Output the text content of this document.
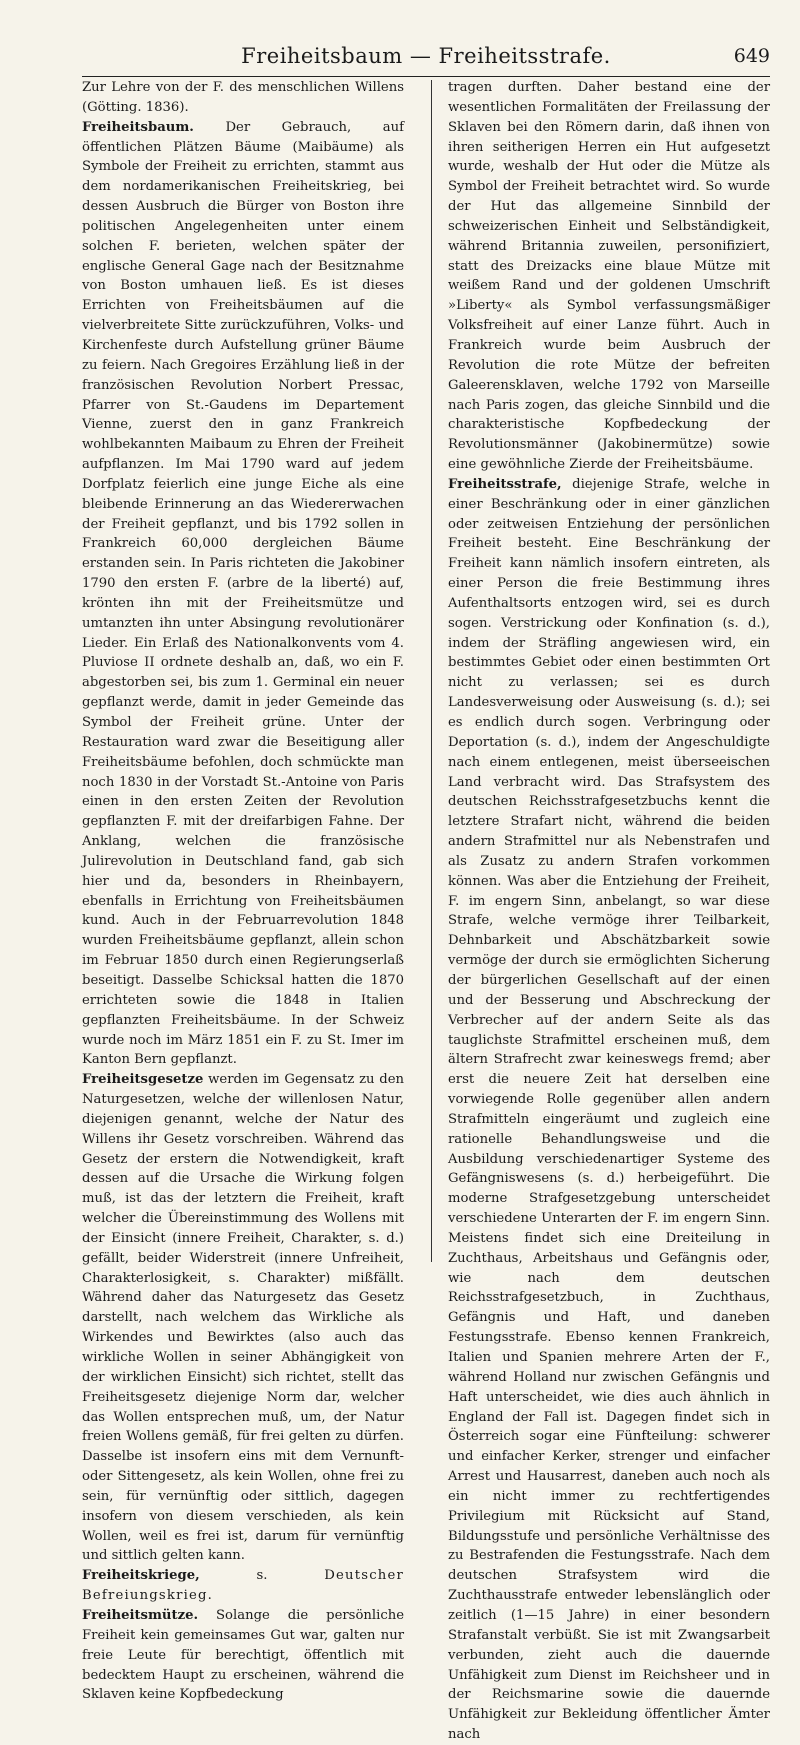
Freiheitsbaum — Freiheitsstrafe.	649

Zur Lehre von der F. des menschlichen Willens (Götting. 1836).

Freiheitsbaum. Der Gebrauch, auf öffentlichen Plätzen Bäume (Maibäume) als Symbole der Freiheit zu errichten, stammt aus dem nordamerikanischen Freiheitskrieg, bei dessen Ausbruch die Bürger von Boston ihre politischen Angelegenheiten unter einem solchen F. berieten, welchen später der englische General Gage nach der Besitznahme von Boston umhauen ließ. Es ist dieses Errichten von Freiheitsbäumen auf die vielverbreitete Sitte zurückzuführen, Volks- und Kirchenfeste durch Aufstellung grüner Bäume zu feiern. Nach Gregoires Erzählung ließ in der französischen Revolution Norbert Pressac, Pfarrer von St.-Gaudens im Departement Vienne, zuerst den in ganz Frankreich wohlbekannten Maibaum zu Ehren der Freiheit aufpflanzen. Im Mai 1790 ward auf jedem Dorfplatz feierlich eine junge Eiche als eine bleibende Erinnerung an das Wiedererwachen der Freiheit gepflanzt, und bis 1792 sollen in Frankreich 60,000 dergleichen Bäume erstanden sein. In Paris richteten die Jakobiner 1790 den ersten F. (arbre de la liberté) auf, krönten ihn mit der Freiheitsmütze und umtanzten ihn unter Absingung revolutionärer Lieder. Ein Erlaß des Nationalkonvents vom 4. Pluviose II ordnete deshalb an, daß, wo ein F. abgestorben sei, bis zum 1. Germinal ein neuer gepflanzt werde, damit in jeder Gemeinde das Symbol der Freiheit grüne. Unter der Restauration ward zwar die Beseitigung aller Freiheitsbäume befohlen, doch schmückte man noch 1830 in der Vorstadt St.-Antoine von Paris einen in den ersten Zeiten der Revolution gepflanzten F. mit der dreifarbigen Fahne. Der Anklang, welchen die französische Julirevolution in Deutschland fand, gab sich hier und da, besonders in Rheinbayern, ebenfalls in Errichtung von Freiheitsbäumen kund. Auch in der Februarrevolution 1848 wurden Freiheitsbäume gepflanzt, allein schon im Februar 1850 durch einen Regierungserlaß beseitigt. Dasselbe Schicksal hatten die 1870 errichteten sowie die 1848 in Italien gepflanzten Freiheitsbäume. In der Schweiz wurde noch im März 1851 ein F. zu St. Imer im Kanton Bern gepflanzt.

Freiheitsgesetze werden im Gegensatz zu den Naturgesetzen, welche der willenlosen Natur, diejenigen genannt, welche der Natur des Willens ihr Gesetz vorschreiben. Während das Gesetz der erstern die Notwendigkeit, kraft dessen auf die Ursache die Wirkung folgen muß, ist das der letztern die Freiheit, kraft welcher die Übereinstimmung des Wollens mit der Einsicht (innere Freiheit, Charakter, s. d.) gefällt, beider Widerstreit (innere Unfreiheit, Charakterlosigkeit, s. Charakter) mißfällt. Während daher das Naturgesetz das Gesetz darstellt, nach welchem das Wirkliche als Wirkendes und Bewirktes (also auch das wirkliche Wollen in seiner Abhängigkeit von der wirklichen Einsicht) sich richtet, stellt das Freiheitsgesetz diejenige Norm dar, welcher das Wollen entsprechen muß, um, der Natur freien Wollens gemäß, für frei gelten zu dürfen. Dasselbe ist insofern eins mit dem Vernunft- oder Sittengesetz, als kein Wollen, ohne frei zu sein, für vernünftig oder sittlich, dagegen insofern von diesem verschieden, als kein Wollen, weil es frei ist, darum für vernünftig und sittlich gelten kann.

Freiheitskriege, s. Deutscher Befreiungskrieg.

Freiheitsmütze. Solange die persönliche Freiheit kein gemeinsames Gut war, galten nur freie Leute für berechtigt, öffentlich mit bedecktem Haupt zu erscheinen, während die Sklaven keine Kopfbedeckung

tragen durften. Daher bestand eine der wesentlichen Formalitäten der Freilassung der Sklaven bei den Römern darin, daß ihnen von ihren seitherigen Herren ein Hut aufgesetzt wurde, weshalb der Hut oder die Mütze als Symbol der Freiheit betrachtet wird. So wurde der Hut das allgemeine Sinnbild der schweizerischen Einheit und Selbständigkeit, während Britannia zuweilen, personifiziert, statt des Dreizacks eine blaue Mütze mit weißem Rand und der goldenen Umschrift »Liberty« als Symbol verfassungsmäßiger Volksfreiheit auf einer Lanze führt. Auch in Frankreich wurde beim Ausbruch der Revolution die rote Mütze der befreiten Galeerensklaven, welche 1792 von Marseille nach Paris zogen, das gleiche Sinnbild und die charakteristische Kopfbedeckung der Revolutionsmänner (Jakobinermütze) sowie eine gewöhnliche Zierde der Freiheitsbäume.

Freiheitsstrafe, diejenige Strafe, welche in einer Beschränkung oder in einer gänzlichen oder zeitweisen Entziehung der persönlichen Freiheit besteht. Eine Beschränkung der Freiheit kann nämlich insofern eintreten, als einer Person die freie Bestimmung ihres Aufenthaltsorts entzogen wird, sei es durch sogen. Verstrickung oder Konfination (s. d.), indem der Sträfling angewiesen wird, ein bestimmtes Gebiet oder einen bestimmten Ort nicht zu verlassen; sei es durch Landesverweisung oder Ausweisung (s. d.); sei es endlich durch sogen. Verbringung oder Deportation (s. d.), indem der Angeschuldigte nach einem entlegenen, meist überseeischen Land verbracht wird. Das Strafsystem des deutschen Reichsstrafgesetzbuchs kennt die letztere Strafart nicht, während die beiden andern Strafmittel nur als Nebenstrafen und als Zusatz zu andern Strafen vorkommen können. Was aber die Entziehung der Freiheit, F. im engern Sinn, anbelangt, so war diese Strafe, welche vermöge ihrer Teilbarkeit, Dehnbarkeit und Abschätzbarkeit sowie vermöge der durch sie ermöglichten Sicherung der bürgerlichen Gesellschaft auf der einen und der Besserung und Abschreckung der Verbrecher auf der andern Seite als das tauglichste Strafmittel erscheinen muß, dem ältern Strafrecht zwar keineswegs fremd; aber erst die neuere Zeit hat derselben eine vorwiegende Rolle gegenüber allen andern Strafmitteln eingeräumt und zugleich eine rationelle Behandlungsweise und die Ausbildung verschiedenartiger Systeme des Gefängniswesens (s. d.) herbeigeführt. Die moderne Strafgesetzgebung unterscheidet verschiedene Unterarten der F. im engern Sinn. Meistens findet sich eine Dreiteilung in Zuchthaus, Arbeitshaus und Gefängnis oder, wie nach dem deutschen Reichsstrafgesetzbuch, in Zuchthaus, Gefängnis und Haft, und daneben Festungsstrafe. Ebenso kennen Frankreich, Italien und Spanien mehrere Arten der F., während Holland nur zwischen Gefängnis und Haft unterscheidet, wie dies auch ähnlich in England der Fall ist. Dagegen findet sich in Österreich sogar eine Fünfteilung: schwerer und einfacher Kerker, strenger und einfacher Arrest und Hausarrest, daneben auch noch als ein nicht immer zu rechtfertigendes Privilegium mit Rücksicht auf Stand, Bildungsstufe und persönliche Verhältnisse des zu Bestrafenden die Festungsstrafe. Nach dem deutschen Strafsystem wird die Zuchthausstrafe entweder lebenslänglich oder zeitlich (1—15 Jahre) in einer besondern Strafanstalt verbüßt. Sie ist mit Zwangsarbeit verbunden, zieht auch die dauernde Unfähigkeit zum Dienst im Reichsheer und in der Reichsmarine sowie die dauernde Unfähigkeit zur Bekleidung öffentlicher Ämter nach
